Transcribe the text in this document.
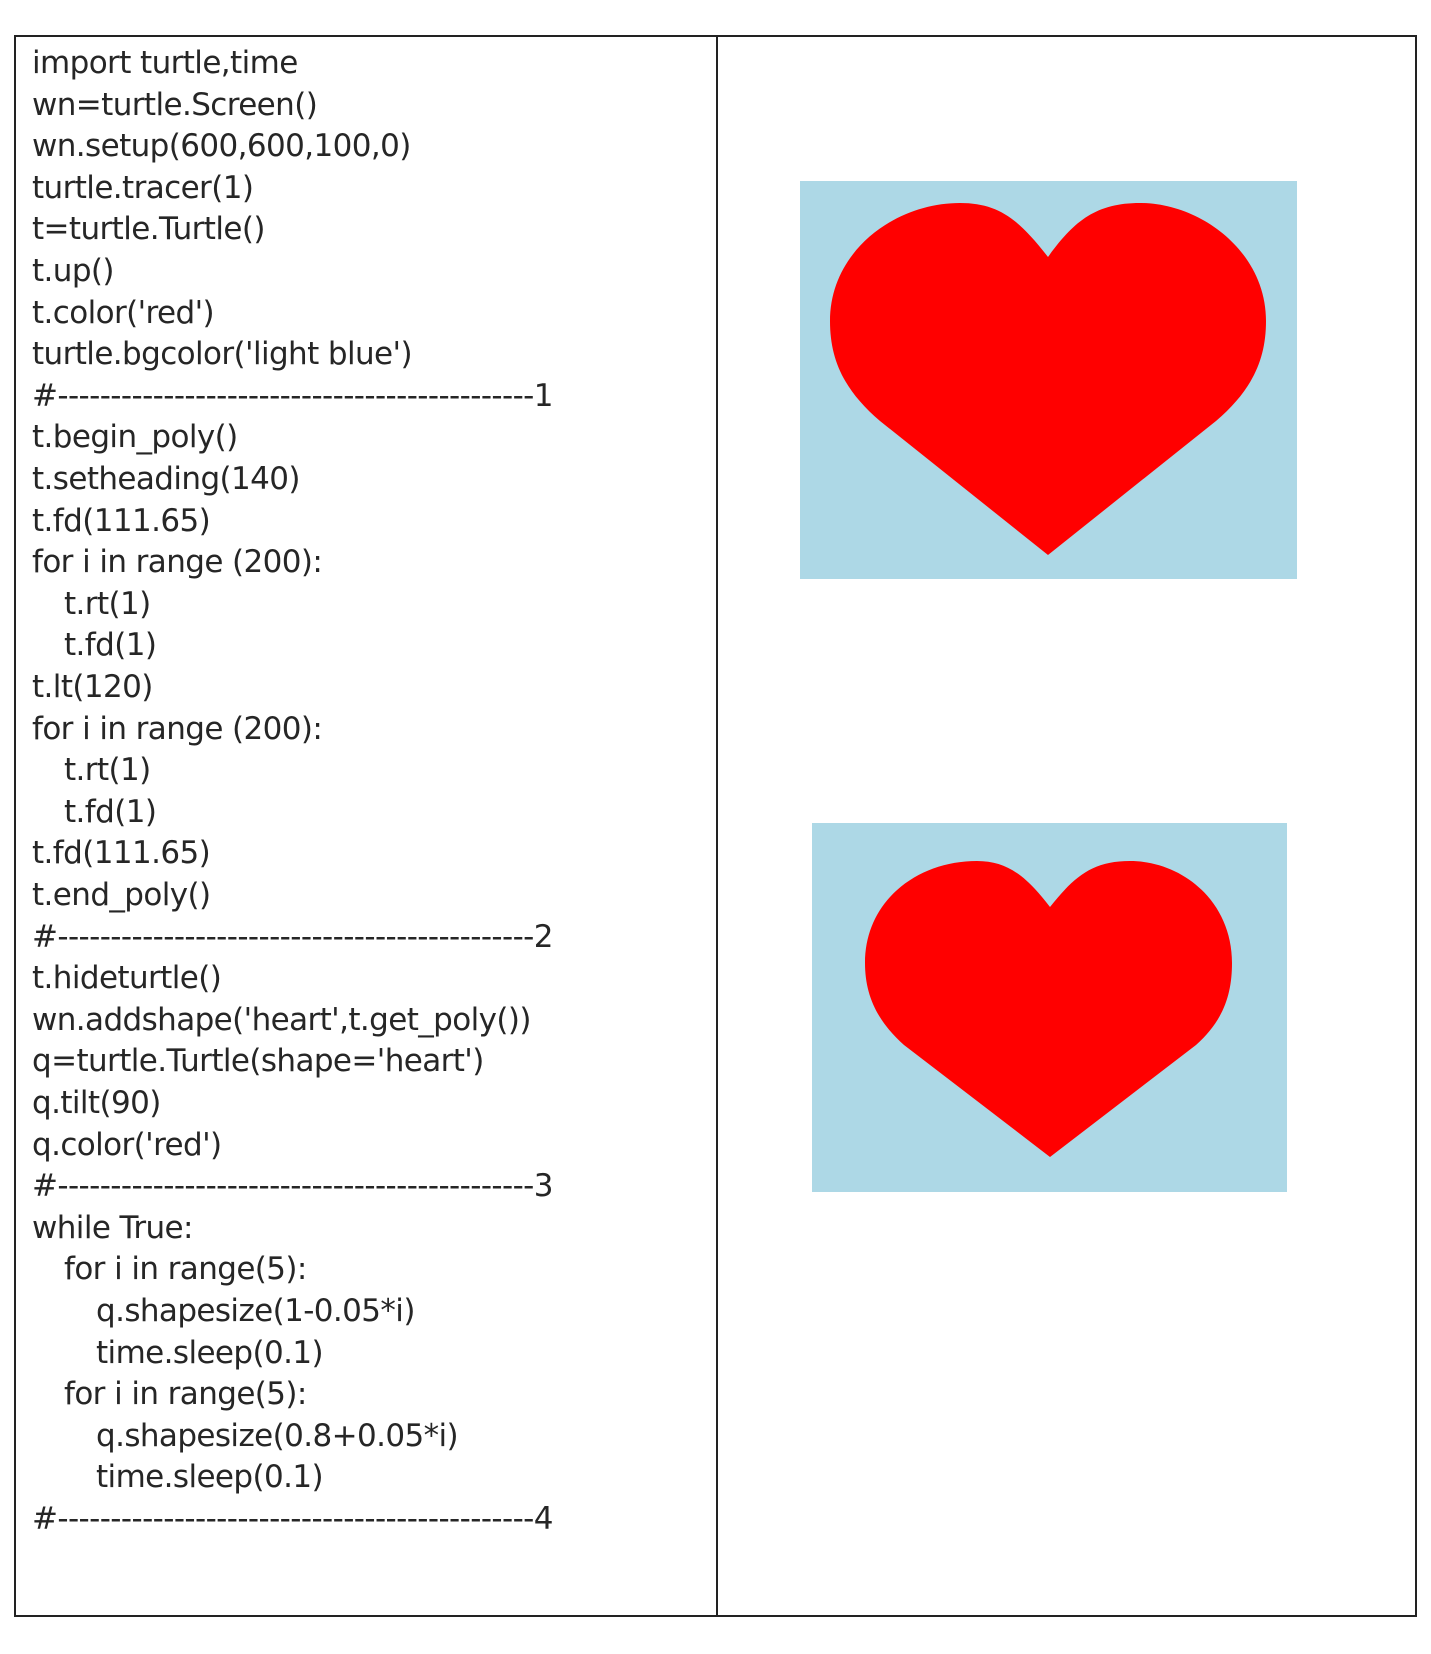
import turtle,time
wn=turtle.Screen()
wn.setup(600,600,100,0)
turtle.tracer(1)
t=turtle.Turtle()
t.up()
t.color('red')
turtle.bgcolor('light blue')
#---------------------------------------------1
t.begin_poly()
t.setheading(140)
t.fd(111.65)
for i in range (200):
t.rt(1)
t.fd(1)
t.lt(120)
for i in range (200):
t.rt(1)
t.fd(1)
t.fd(111.65)
t.end_poly()
#---------------------------------------------2
t.hideturtle()
wn.addshape('heart',t.get_poly())
q=turtle.Turtle(shape='heart')
q.tilt(90)
q.color('red')
#---------------------------------------------3
while True:
for i in range(5):
q.shapesize(1-0.05*i)
time.sleep(0.1)
for i in range(5):
q.shapesize(0.8+0.05*i)
time.sleep(0.1)
#---------------------------------------------4
